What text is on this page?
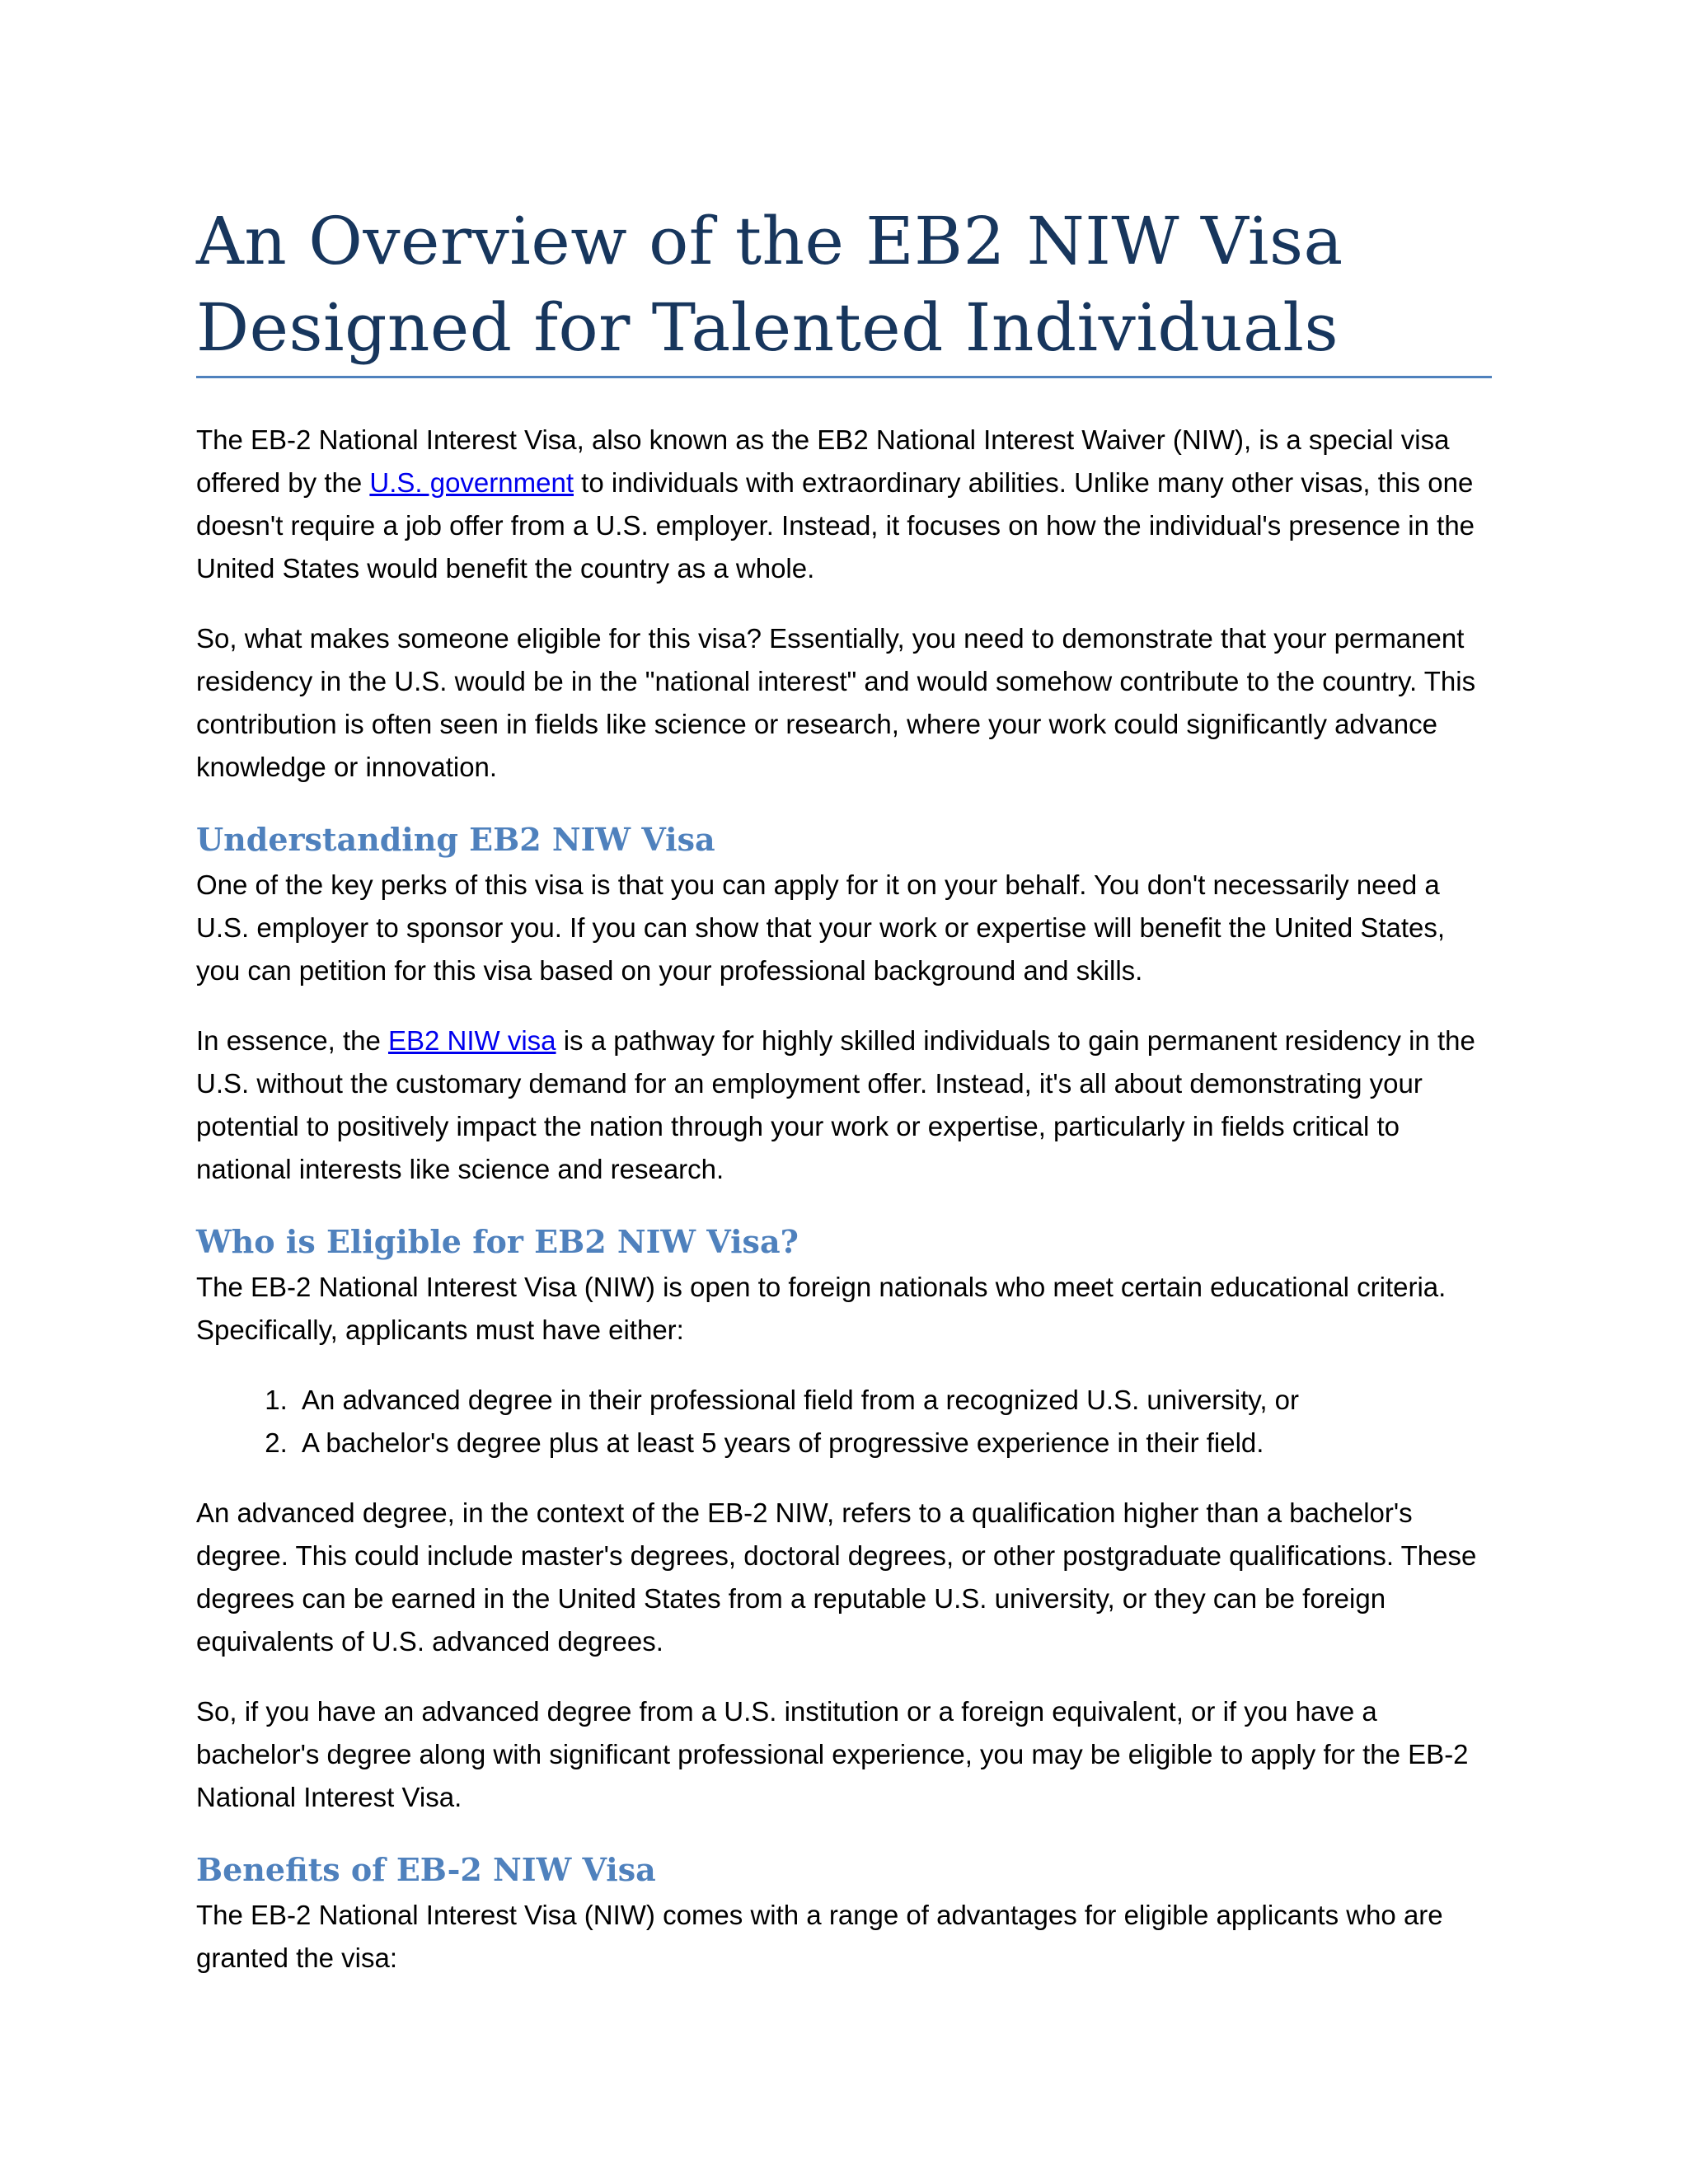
An Overview of the EB2 NIW Visa
Designed for Talented Individuals

The EB-2 National Interest Visa, also known as the EB2 National Interest Waiver (NIW), is a special visa offered by the U.S. government to individuals with extraordinary abilities. Unlike many other visas, this one doesn't require a job offer from a U.S. employer. Instead, it focuses on how the individual's presence in the United States would benefit the country as a whole.

So, what makes someone eligible for this visa? Essentially, you need to demonstrate that your permanent residency in the U.S. would be in the "national interest" and would somehow contribute to the country. This contribution is often seen in fields like science or research, where your work could significantly advance knowledge or innovation.

Understanding EB2 NIW Visa

One of the key perks of this visa is that you can apply for it on your behalf. You don't necessarily need a U.S. employer to sponsor you. If you can show that your work or expertise will benefit the United States, you can petition for this visa based on your professional background and skills.

In essence, the EB2 NIW visa is a pathway for highly skilled individuals to gain permanent residency in the U.S. without the customary demand for an employment offer. Instead, it's all about demonstrating your potential to positively impact the nation through your work or expertise, particularly in fields critical to national interests like science and research.

Who is Eligible for EB2 NIW Visa?

The EB-2 National Interest Visa (NIW) is open to foreign nationals who meet certain educational criteria. Specifically, applicants must have either:

1. An advanced degree in their professional field from a recognized U.S. university, or
2. A bachelor's degree plus at least 5 years of progressive experience in their field.

An advanced degree, in the context of the EB-2 NIW, refers to a qualification higher than a bachelor's degree. This could include master's degrees, doctoral degrees, or other postgraduate qualifications. These degrees can be earned in the United States from a reputable U.S. university, or they can be foreign equivalents of U.S. advanced degrees.

So, if you have an advanced degree from a U.S. institution or a foreign equivalent, or if you have a bachelor's degree along with significant professional experience, you may be eligible to apply for the EB-2 National Interest Visa.

Benefits of EB-2 NIW Visa

The EB-2 National Interest Visa (NIW) comes with a range of advantages for eligible applicants who are granted the visa:
